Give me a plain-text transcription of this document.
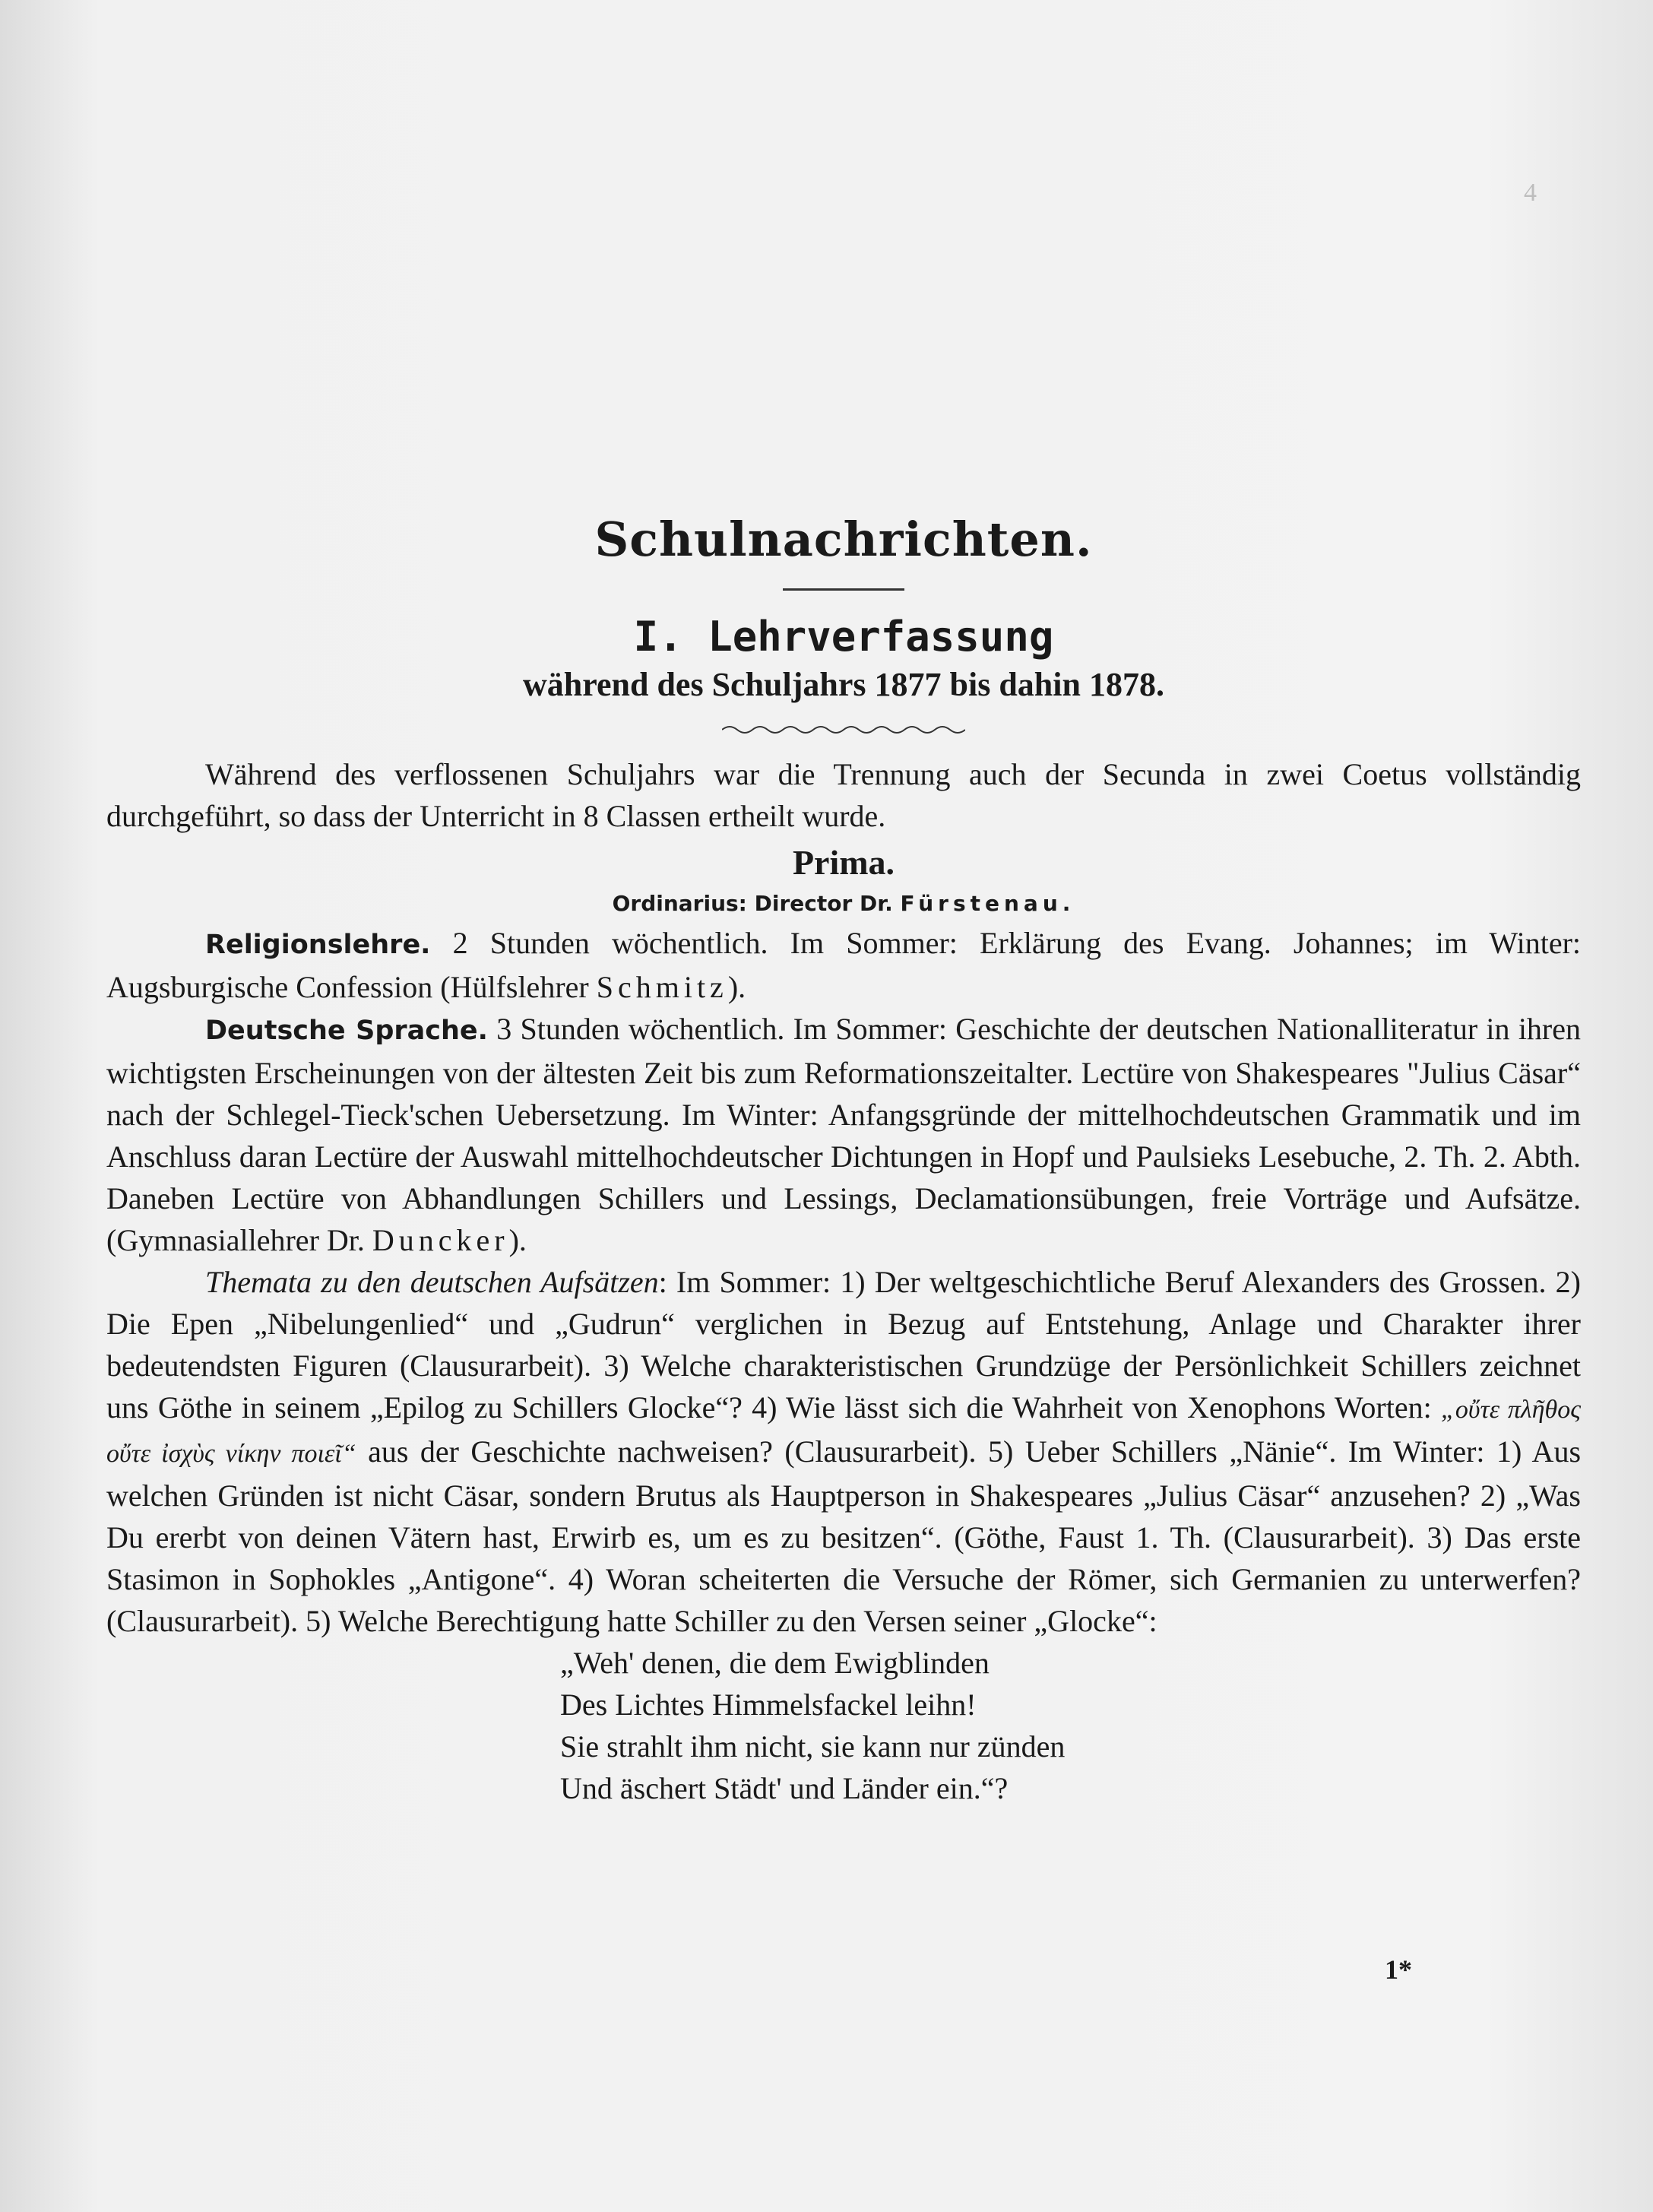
4
Schulnachrichten.
I. Lehrverfassung
während des Schuljahrs 1877 bis dahin 1878.

Während des verflossenen Schuljahrs war die Trennung auch der Secunda in zwei Coetus vollständig durchgeführt, so dass der Unterricht in 8 Classen ertheilt wurde.

Prima.
Ordinarius: Director Dr. Fürstenau.

Religionslehre. 2 Stunden wöchentlich. Im Sommer: Erklärung des Evang. Johannes; im Winter: Augsburgische Confession (Hülfslehrer Schmitz).

Deutsche Sprache. 3 Stunden wöchentlich. Im Sommer: Geschichte der deutschen Nationalliteratur in ihren wichtigsten Erscheinungen von der ältesten Zeit bis zum Reformationszeitalter. Lectüre von Shakespeares "Julius Cäsar“ nach der Schlegel-Tieck'schen Uebersetzung. Im Winter: Anfangsgründe der mittelhochdeutschen Grammatik und im Anschluss daran Lectüre der Auswahl mittelhochdeutscher Dichtungen in Hopf und Paulsieks Lesebuche, 2. Th. 2. Abth. Daneben Lectüre von Abhandlungen Schillers und Lessings, Declamationsübungen, freie Vorträge und Aufsätze. (Gymnasiallehrer Dr. Duncker).

Themata zu den deutschen Aufsätzen: Im Sommer: 1) Der weltgeschichtliche Beruf Alexanders des Grossen. 2) Die Epen „Nibelungenlied“ und „Gudrun“ verglichen in Bezug auf Entstehung, Anlage und Charakter ihrer bedeutendsten Figuren (Clausurarbeit). 3) Welche charakteristischen Grundzüge der Persönlichkeit Schillers zeichnet uns Göthe in seinem „Epilog zu Schillers Glocke“? 4) Wie lässt sich die Wahrheit von Xenophons Worten: „οὔτε πλῆθος οὔτε ἰσχὺς νίκην ποιεῖ“ aus der Geschichte nachweisen? (Clausurarbeit). 5) Ueber Schillers „Nänie“. Im Winter: 1) Aus welchen Gründen ist nicht Cäsar, sondern Brutus als Hauptperson in Shakespeares „Julius Cäsar“ anzusehen? 2) „Was Du ererbt von deinen Vätern hast, Erwirb es, um es zu besitzen“. (Göthe, Faust 1. Th. (Clausurarbeit). 3) Das erste Stasimon in Sophokles „Antigone“. 4) Woran scheiterten die Versuche der Römer, sich Germanien zu unterwerfen? (Clausurarbeit). 5) Welche Berechtigung hatte Schiller zu den Versen seiner „Glocke“:

„Weh' denen, die dem Ewigblinden
Des Lichtes Himmelsfackel leihn!
Sie strahlt ihm nicht, sie kann nur zünden
Und äschert Städt' und Länder ein.“?
1*
